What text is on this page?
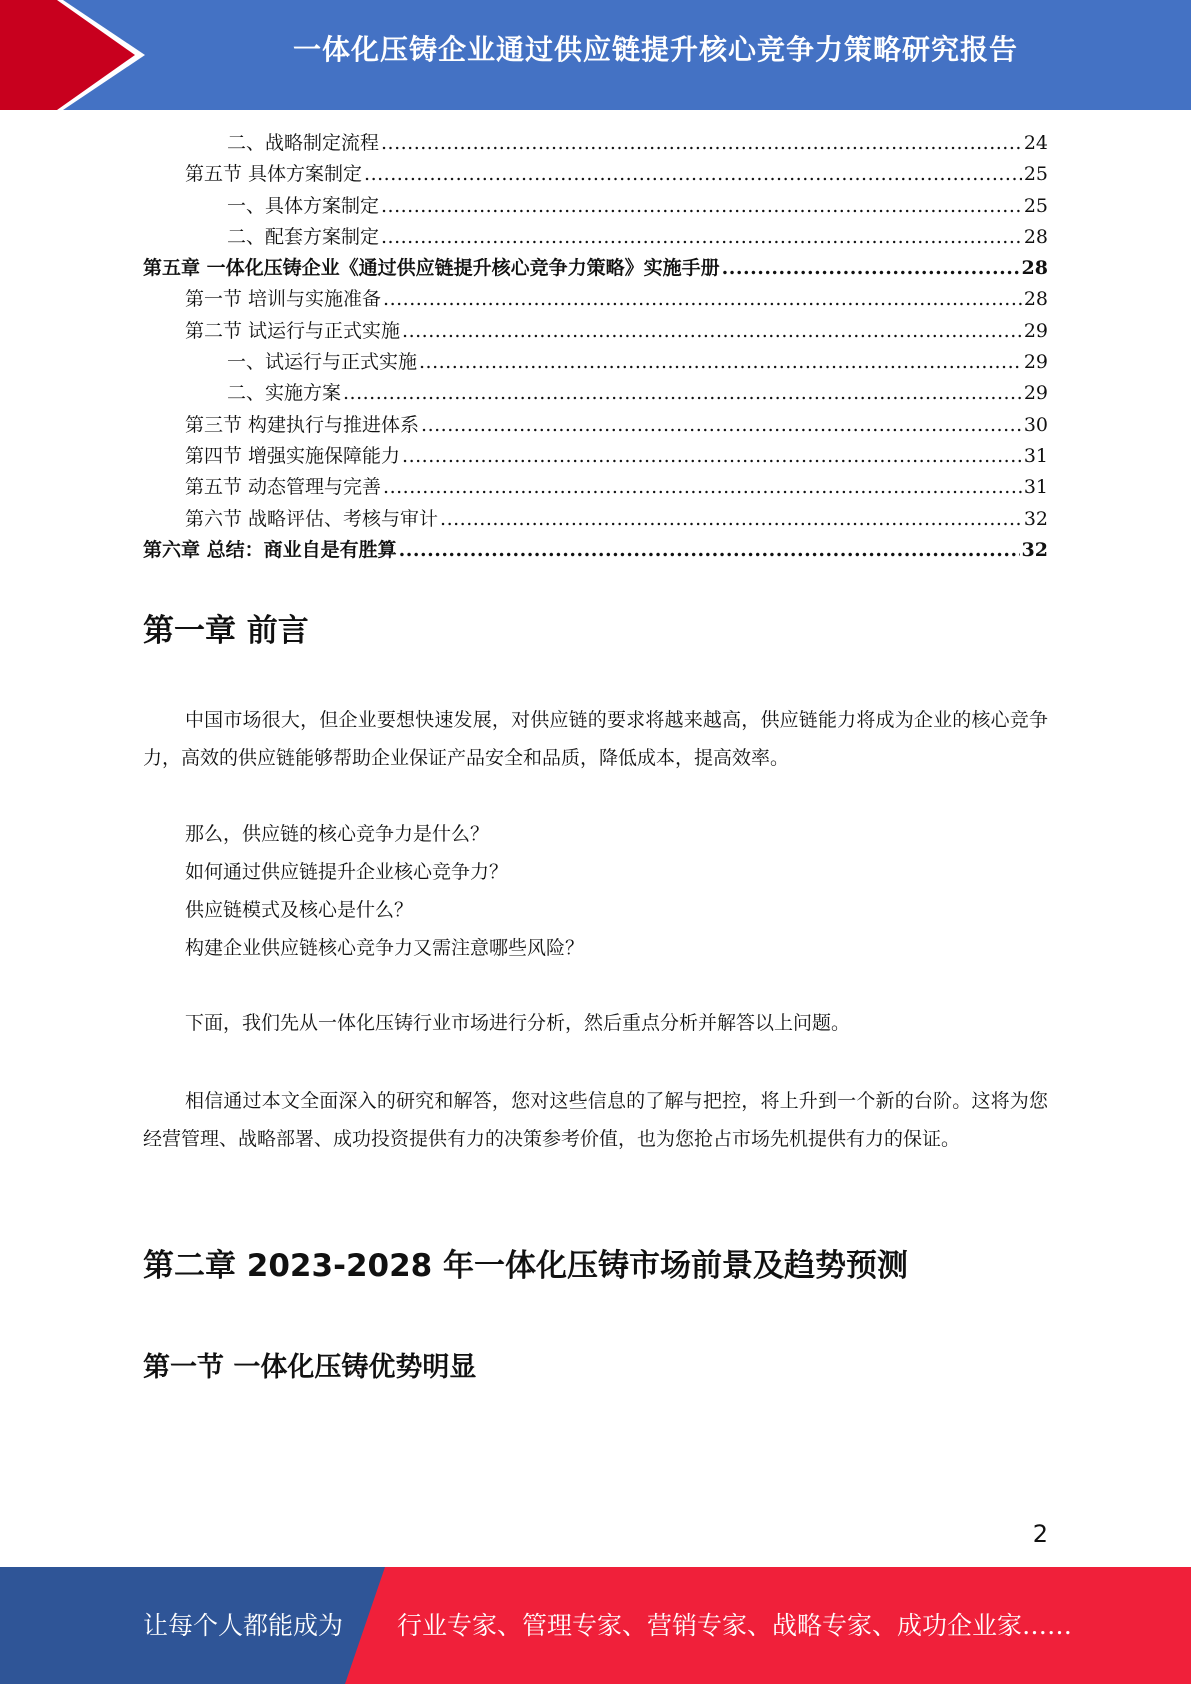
一体化压铸企业通过供应链提升核心竞争力策略研究报告
二、战略制定流程 .....	24
第五节 具体方案制定 .....	25
一、具体方案制定 .....	25
二、配套方案制定 .....	28
第五章 一体化压铸企业《通过供应链提升核心竞争力策略》实施手册 .....	28
第一节 培训与实施准备 .....	28
第二节 试运行与正式实施 .....	29
一、试运行与正式实施 .....	29
二、实施方案 .....	29
第三节 构建执行与推进体系 .....	30
第四节 增强实施保障能力 .....	31
第五节 动态管理与完善 .....	31
第六节 战略评估、考核与审计 .....	32
第六章 总结：商业自是有胜算 .....	32
第一章 前言

中国市场很大，但企业要想快速发展，对供应链的要求将越来越高，供应链能力将成为企业的核心竞争力，高效的供应链能够帮助企业保证产品安全和品质，降低成本，提高效率。

那么，供应链的核心竞争力是什么？
如何通过供应链提升企业核心竞争力？
供应链模式及核心是什么？
构建企业供应链核心竞争力又需注意哪些风险？

下面，我们先从一体化压铸行业市场进行分析，然后重点分析并解答以上问题。

相信通过本文全面深入的研究和解答，您对这些信息的了解与把控，将上升到一个新的台阶。这将为您经营管理、战略部署、成功投资提供有力的决策参考价值，也为您抢占市场先机提供有力的保证。

第二章 2023-2028 年一体化压铸市场前景及趋势预测
第一节 一体化压铸优势明显
2
让每个人都能成为 行业专家、管理专家、营销专家、战略专家、成功企业家……
